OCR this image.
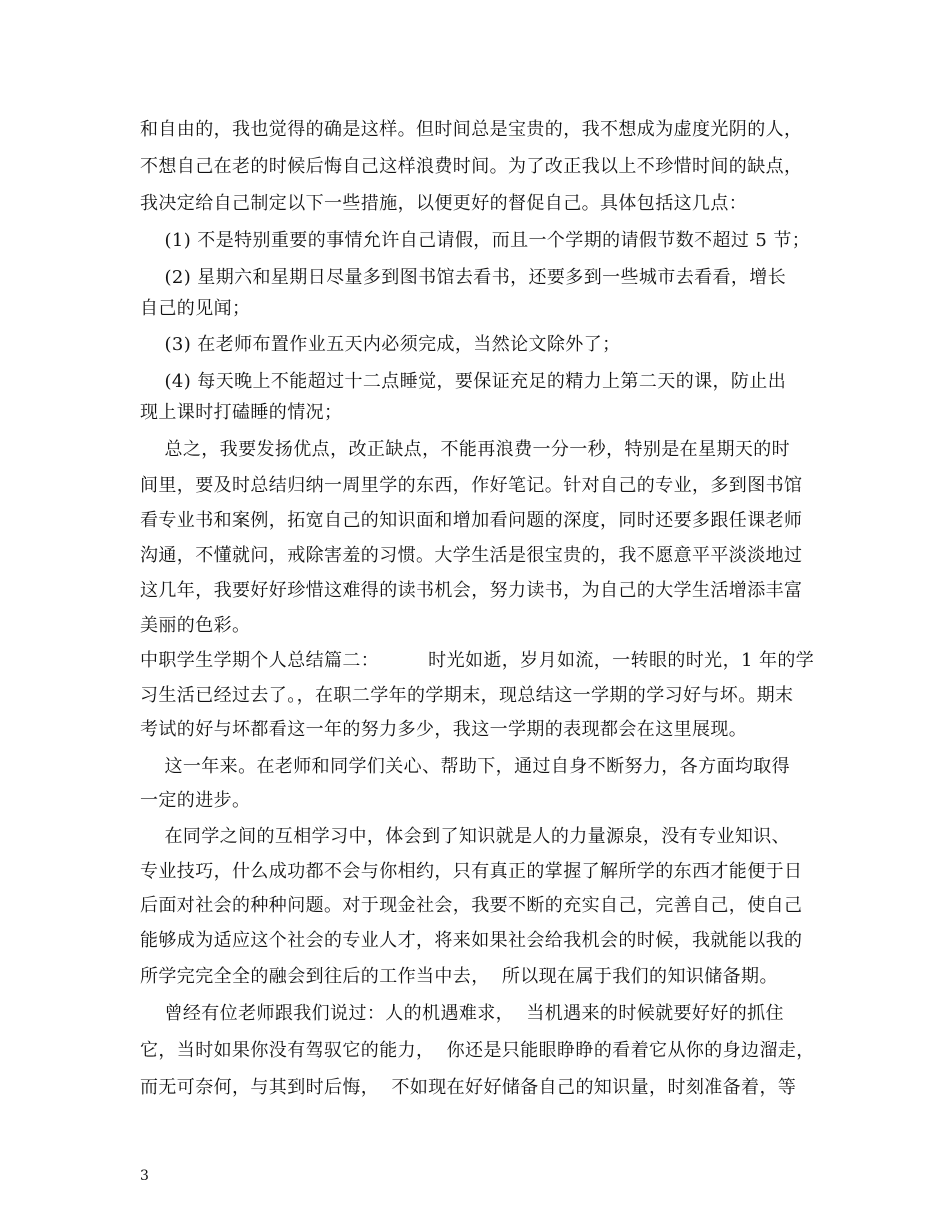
和自由的，我也觉得的确是这样。但时间总是宝贵的，我不想成为虚度光阴的人，
不想自己在老的时候后悔自己这样浪费时间。为了改正我以上不珍惜时间的缺点，
我决定给自己制定以下一些措施，以便更好的督促自己。具体包括这几点：
(1) 不是特别重要的事情允许自己请假，而且一个学期的请假节数不超过 5 节；
(2) 星期六和星期日尽量多到图书馆去看书，还要多到一些城市去看看，增长
自己的见闻；
(3) 在老师布置作业五天内必须完成，当然论文除外了；
(4) 每天晚上不能超过十二点睡觉，要保证充足的精力上第二天的课，防止出
现上课时打磕睡的情况；
总之，我要发扬优点，改正缺点，不能再浪费一分一秒，特别是在星期天的时
间里，要及时总结归纳一周里学的东西，作好笔记。针对自己的专业，多到图书馆
看专业书和案例，拓宽自己的知识面和增加看问题的深度，同时还要多跟任课老师
沟通，不懂就问，戒除害羞的习惯。大学生活是很宝贵的，我不愿意平平淡淡地过
这几年，我要好好珍惜这难得的读书机会，努力读书，为自己的大学生活增添丰富
美丽的色彩。
中职学生学期个人总结篇二：        时光如逝，岁月如流，一转眼的时光，1 年的学
习生活已经过去了。，在职二学年的学期末，现总结这一学期的学习好与坏。期末
考试的好与坏都看这一年的努力多少，我这一学期的表现都会在这里展现。
这一年来。在老师和同学们关心、帮助下，通过自身不断努力，各方面均取得
一定的进步。
在同学之间的互相学习中，体会到了知识就是人的力量源泉，没有专业知识、
专业技巧，什么成功都不会与你相约，只有真正的掌握了解所学的东西才能便于日
后面对社会的种种问题。对于现金社会，我要不断的充实自己，完善自己，使自己
能够成为适应这个社会的专业人才，将来如果社会给我机会的时候，我就能以我的
所学完完全全的融会到往后的工作当中去，  所以现在属于我们的知识储备期。
曾经有位老师跟我们说过：人的机遇难求，  当机遇来的时候就要好好的抓住
它，当时如果你没有驾驭它的能力，  你还是只能眼睁睁的看着它从你的身边溜走，
而无可奈何，与其到时后悔，  不如现在好好储备自己的知识量，时刻准备着，等
3
